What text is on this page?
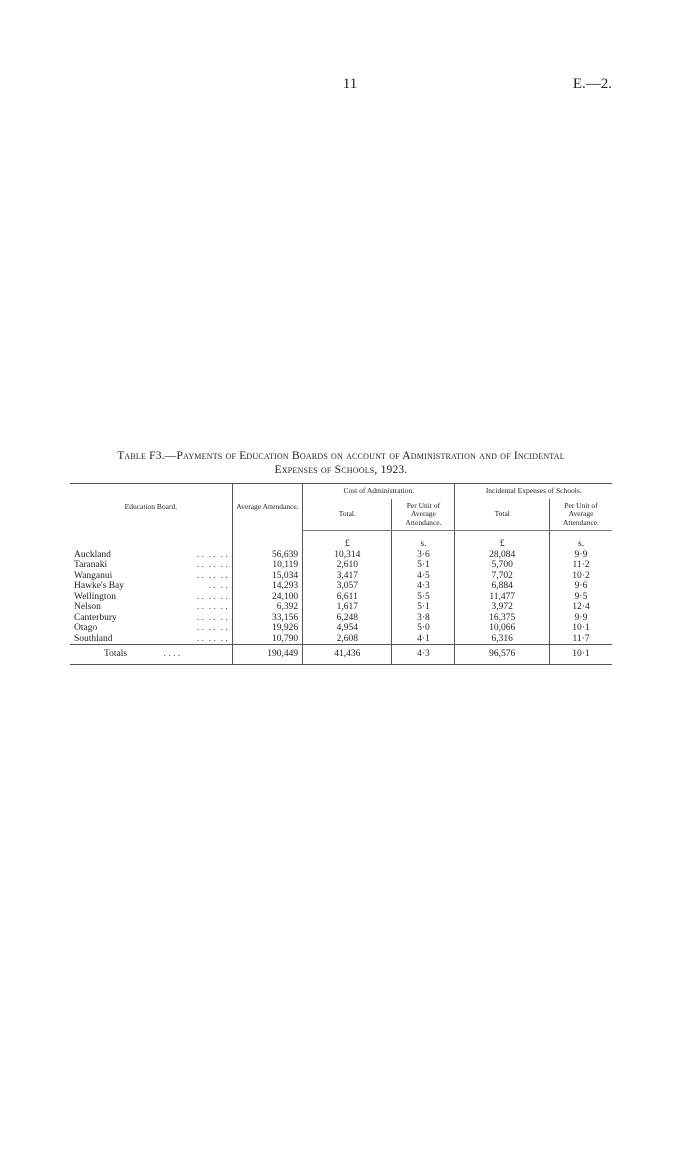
11	E.—2.
Table F3.—Payments of Education Boards on account of Administration and of Incidental
Expenses of Schools, 1923.
Education Board.	Average Attendance.	Cost of Administration.		Incidental Expenses of Schools.	
		Total.	Per Unit of Average Attendance.	Total	Per Unit of Average Attendance.
		£	s.	£	s.

Auckland	. .  . .  . .	56,639	10,314	3·6	28,084	9·9

Taranaki	. .  . .  . .	10,119	2,610	5·1	5,700	11·2

Wanganui	. .  . .  . .	15,034	3,417	4·5	7,702	10·2

Hawke's Bay	. .  . .	14,293	3,057	4·3	6,884	9·6

Wellington	. .  . .  . .	24,100	6,611	5·5	11,477	9·5

Nelson	. .  . .  . .	6,392	1,617	5·1	3,972	12·4

Canterbury	. .  . .  . .	33,156	6,248	3·8	16,375	9·9

Otago	. .  . .  . .	19,926	4,954	5·0	10,066	10·1

Southland	. .  . .  . .	10,790	2,608	4·1	6,316	11·7
Totals . . . .	190,449	41,436	4·3	96,576	10·1
